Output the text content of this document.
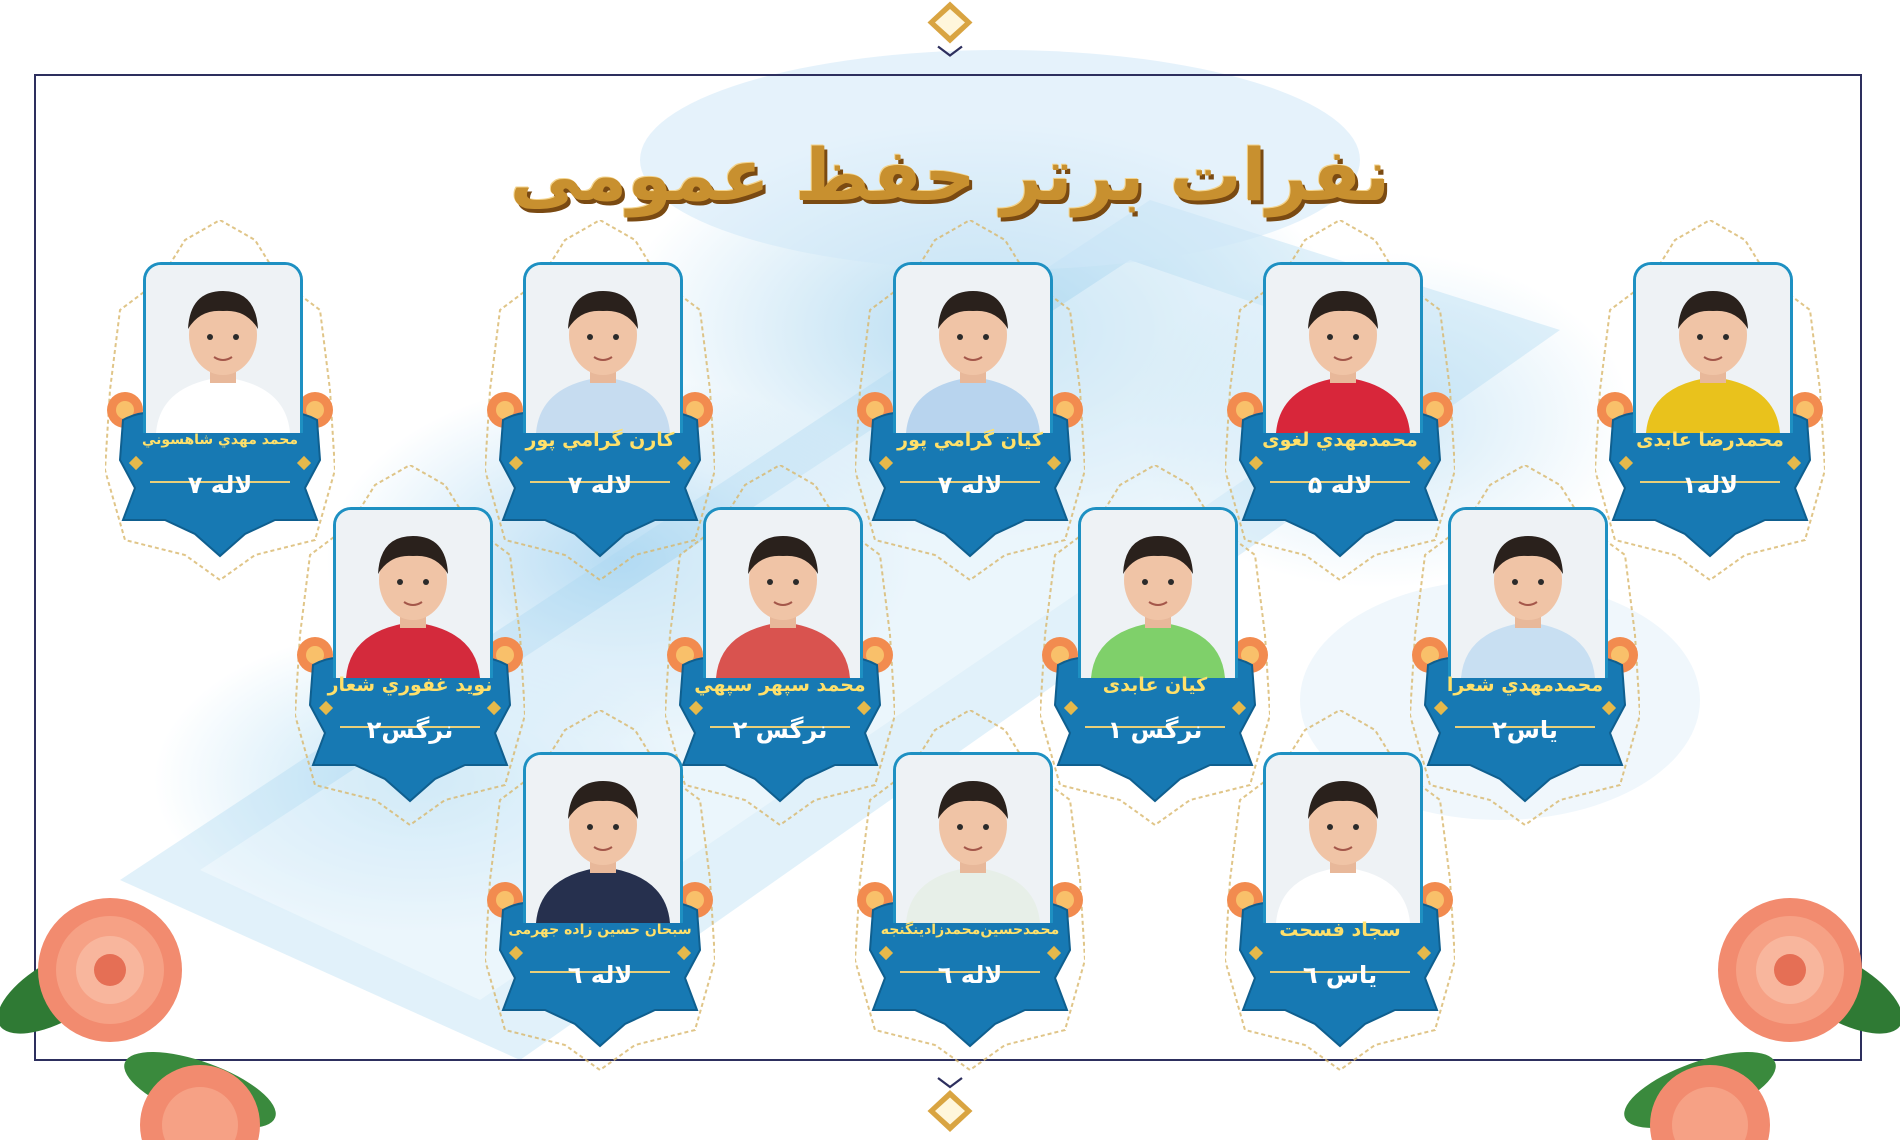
نفرات برتر حفظ عمومی
محمدرضا عابدی
لاله۱
محمدمهدي لغوی
لاله ۵
کیان گرامي پور
لاله ۷
کارن گرامي پور
لاله ۷
محمد مهدي شاهسوني
لاله ۷
محمدمهدي شعرا
یاس۲
کیان عابدی
نرگس ۱
محمد سپهر سپهي
نرگس ۲
نوید غفوري شعار
نرگس۲
سجاد فسحت
یاس ٦
محمدحسین‌محمدزادینگنجه
لاله ٦
سبحان حسین زاده جهرمی
لاله ٦
